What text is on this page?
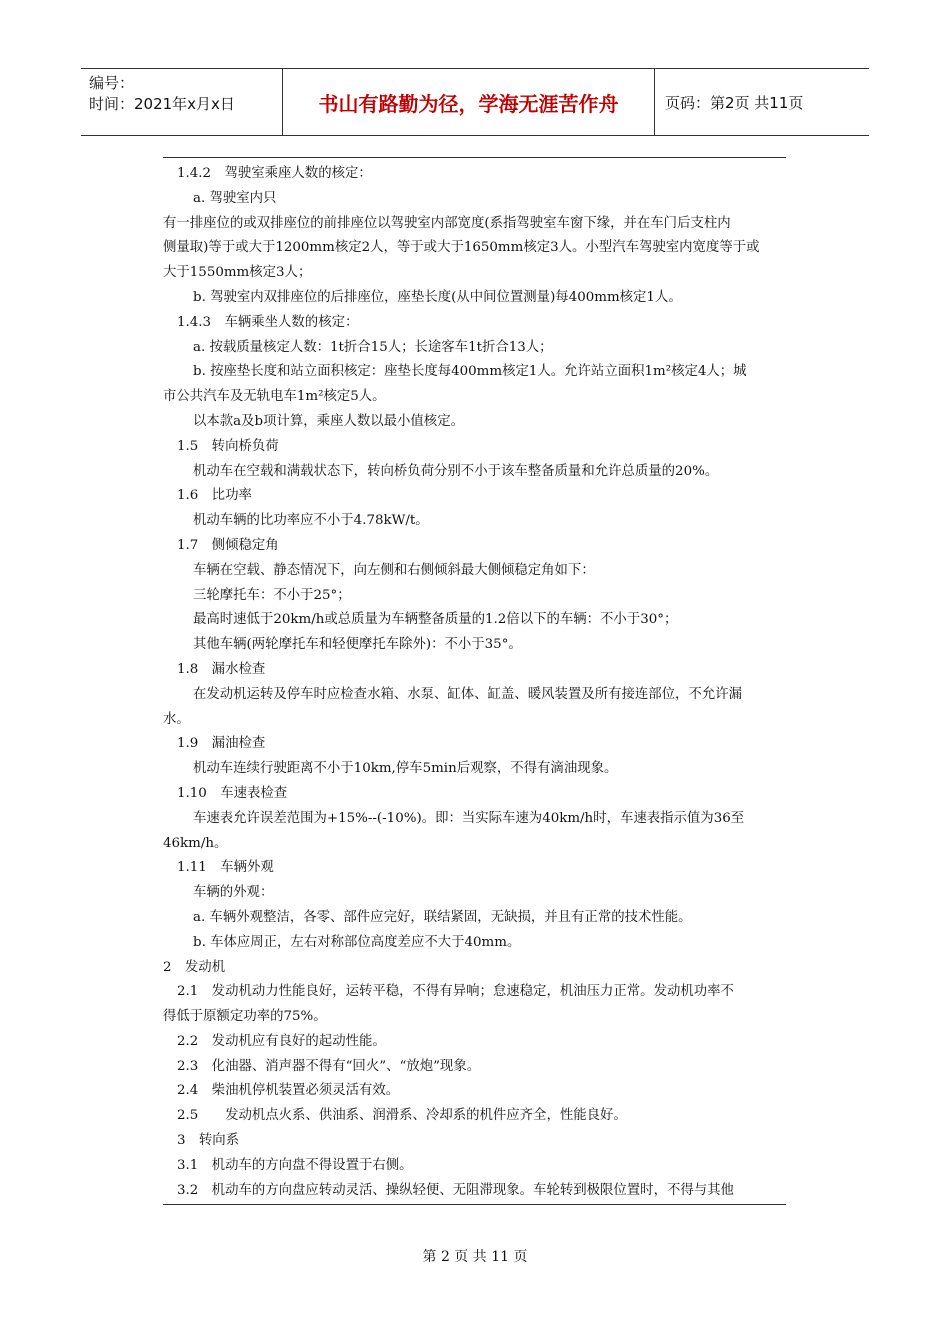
编号：
时间：2021年x月x日	书山有路勤为径，学海无涯苦作舟	页码：第2页 共11页

1.4.2　驾驶室乘座人数的核定：

a. 驾驶室内只

有一排座位的或双排座位的前排座位以驾驶室内部宽度(系指驾驶室车窗下缘，并在车门后支柱内

侧量取)等于或大于1200mm核定2人，等于或大于1650mm核定3人。小型汽车驾驶室内宽度等于或

大于1550mm核定3人；

b. 驾驶室内双排座位的后排座位，座垫长度(从中间位置测量)每400mm核定1人。

1.4.3　车辆乘坐人数的核定：

a. 按载质量核定人数：1t折合15人；长途客车1t折合13人；

b. 按座垫长度和站立面积核定：座垫长度每400mm核定1人。允许站立面积1m²核定4人；城

市公共汽车及无轨电车1m²核定5人。

以本款a及b项计算，乘座人数以最小值核定。

1.5　转向桥负荷

机动车在空载和满载状态下，转向桥负荷分别不小于该车整备质量和允许总质量的20%。

1.6　比功率

机动车辆的比功率应不小于4.78kW/t。

1.7　侧倾稳定角

车辆在空载、静态情况下，向左侧和右侧倾斜最大侧倾稳定角如下：

三轮摩托车：不小于25°；

最高时速低于20km/h或总质量为车辆整备质量的1.2倍以下的车辆：不小于30°；

其他车辆(两轮摩托车和轻便摩托车除外)：不小于35°。

1.8　漏水检查

在发动机运转及停车时应检查水箱、水泵、缸体、缸盖、暖风装置及所有接连部位，不允许漏

水。

1.9　漏油检查

机动车连续行驶距离不小于10km,停车5min后观察，不得有滴油现象。

1.10　车速表检查

车速表允许误差范围为+15%--(-10%)。即：当实际车速为40km/h时，车速表指示值为36至

46km/h。

1.11　车辆外观

车辆的外观：

a. 车辆外观整洁，各零、部件应完好，联结紧固，无缺损，并且有正常的技术性能。

b. 车体应周正，左右对称部位高度差应不大于40mm。

2　发动机

2.1　发动机动力性能良好，运转平稳，不得有异响；怠速稳定，机油压力正常。发动机功率不

得低于原额定功率的75%。

2.2　发动机应有良好的起动性能。

2.3　化油器、消声器不得有“回火”、“放炮”现象。

2.4　柴油机停机装置必须灵活有效。

2.5　　发动机点火系、供油系、润滑系、冷却系的机件应齐全，性能良好。

3　转向系

3.1　机动车的方向盘不得设置于右侧。

3.2　机动车的方向盘应转动灵活、操纵轻便、无阻滞现象。车轮转到极限位置时，不得与其他

第 2 页 共 11 页
